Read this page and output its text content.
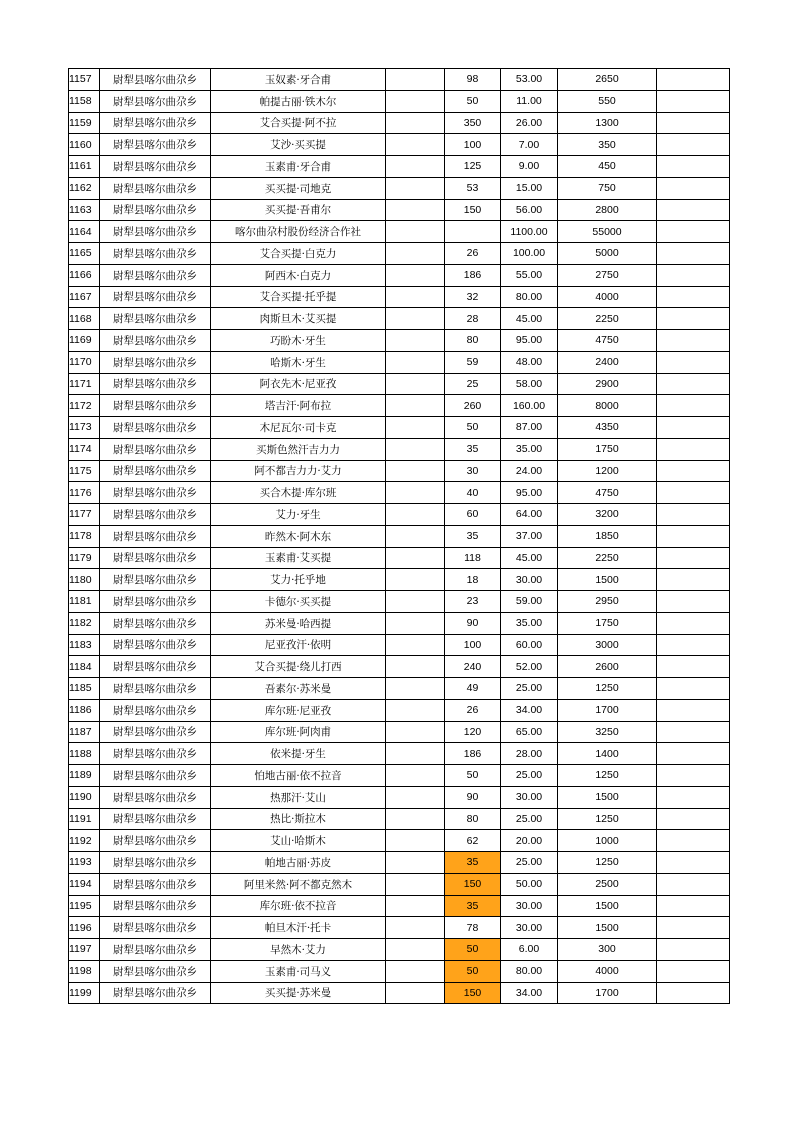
1157	尉犁县喀尔曲尕乡	玉奴素·牙合甫		98	53.00	2650	
1158	尉犁县喀尔曲尕乡	帕提古丽·铁木尔		50	11.00	550	
1159	尉犁县喀尔曲尕乡	艾合买提·阿不拉		350	26.00	1300	
1160	尉犁县喀尔曲尕乡	艾沙·买买提		100	7.00	350	
1161	尉犁县喀尔曲尕乡	玉素甫·牙合甫		125	9.00	450	
1162	尉犁县喀尔曲尕乡	买买提·司地克		53	15.00	750	
1163	尉犁县喀尔曲尕乡	买买提·吾甫尔		150	56.00	2800	
1164	尉犁县喀尔曲尕乡	喀尔曲尕村股份经济合作社			1100.00	55000	
1165	尉犁县喀尔曲尕乡	艾合买提·白克力		26	100.00	5000	
1166	尉犁县喀尔曲尕乡	阿西木·白克力		186	55.00	2750	
1167	尉犁县喀尔曲尕乡	艾合买提·托乎提		32	80.00	4000	
1168	尉犁县喀尔曲尕乡	肉斯旦木·艾买提		28	45.00	2250	
1169	尉犁县喀尔曲尕乡	巧盼木·牙生		80	95.00	4750	
1170	尉犁县喀尔曲尕乡	哈斯木·牙生		59	48.00	2400	
1171	尉犁县喀尔曲尕乡	阿衣先木·尼亚孜		25	58.00	2900	
1172	尉犁县喀尔曲尕乡	塔吉汗·阿布拉		260	160.00	8000	
1173	尉犁县喀尔曲尕乡	木尼瓦尔·司卡克		50	87.00	4350	
1174	尉犁县喀尔曲尕乡	买斯色然汗吉力力		35	35.00	1750	
1175	尉犁县喀尔曲尕乡	阿不都吉力力·艾力		30	24.00	1200	
1176	尉犁县喀尔曲尕乡	买合木提·库尔班		40	95.00	4750	
1177	尉犁县喀尔曲尕乡	艾力·牙生		60	64.00	3200	
1178	尉犁县喀尔曲尕乡	昨然木·阿木东		35	37.00	1850	
1179	尉犁县喀尔曲尕乡	玉素甫·艾买提		118	45.00	2250	
1180	尉犁县喀尔曲尕乡	艾力·托乎地		18	30.00	1500	
1181	尉犁县喀尔曲尕乡	卡德尔·买买提		23	59.00	2950	
1182	尉犁县喀尔曲尕乡	苏米曼·哈西提		90	35.00	1750	
1183	尉犁县喀尔曲尕乡	尼亚孜汗·依明		100	60.00	3000	
1184	尉犁县喀尔曲尕乡	艾合买提·绕儿打西		240	52.00	2600	
1185	尉犁县喀尔曲尕乡	吾素尔·苏米曼		49	25.00	1250	
1186	尉犁县喀尔曲尕乡	库尔班·尼亚孜		26	34.00	1700	
1187	尉犁县喀尔曲尕乡	库尔班·阿肉甫		120	65.00	3250	
1188	尉犁县喀尔曲尕乡	依米提·牙生		186	28.00	1400	
1189	尉犁县喀尔曲尕乡	怕地古丽·依不拉音		50	25.00	1250	
1190	尉犁县喀尔曲尕乡	热那汗·艾山		90	30.00	1500	
1191	尉犁县喀尔曲尕乡	热比·斯拉木		80	25.00	1250	
1192	尉犁县喀尔曲尕乡	艾山·哈斯木		62	20.00	1000	
1193	尉犁县喀尔曲尕乡	帕地古丽·苏皮		35	25.00	1250	
1194	尉犁县喀尔曲尕乡	阿里米然·阿不都克然木		150	50.00	2500	
1195	尉犁县喀尔曲尕乡	库尔班·依不拉音		35	30.00	1500	
1196	尉犁县喀尔曲尕乡	帕旦木汗·托卡		78	30.00	1500	
1197	尉犁县喀尔曲尕乡	早然木·艾力		50	6.00	300	
1198	尉犁县喀尔曲尕乡	玉素甫·司马义		50	80.00	4000	
1199	尉犁县喀尔曲尕乡	买买提·苏米曼		150	34.00	1700	
